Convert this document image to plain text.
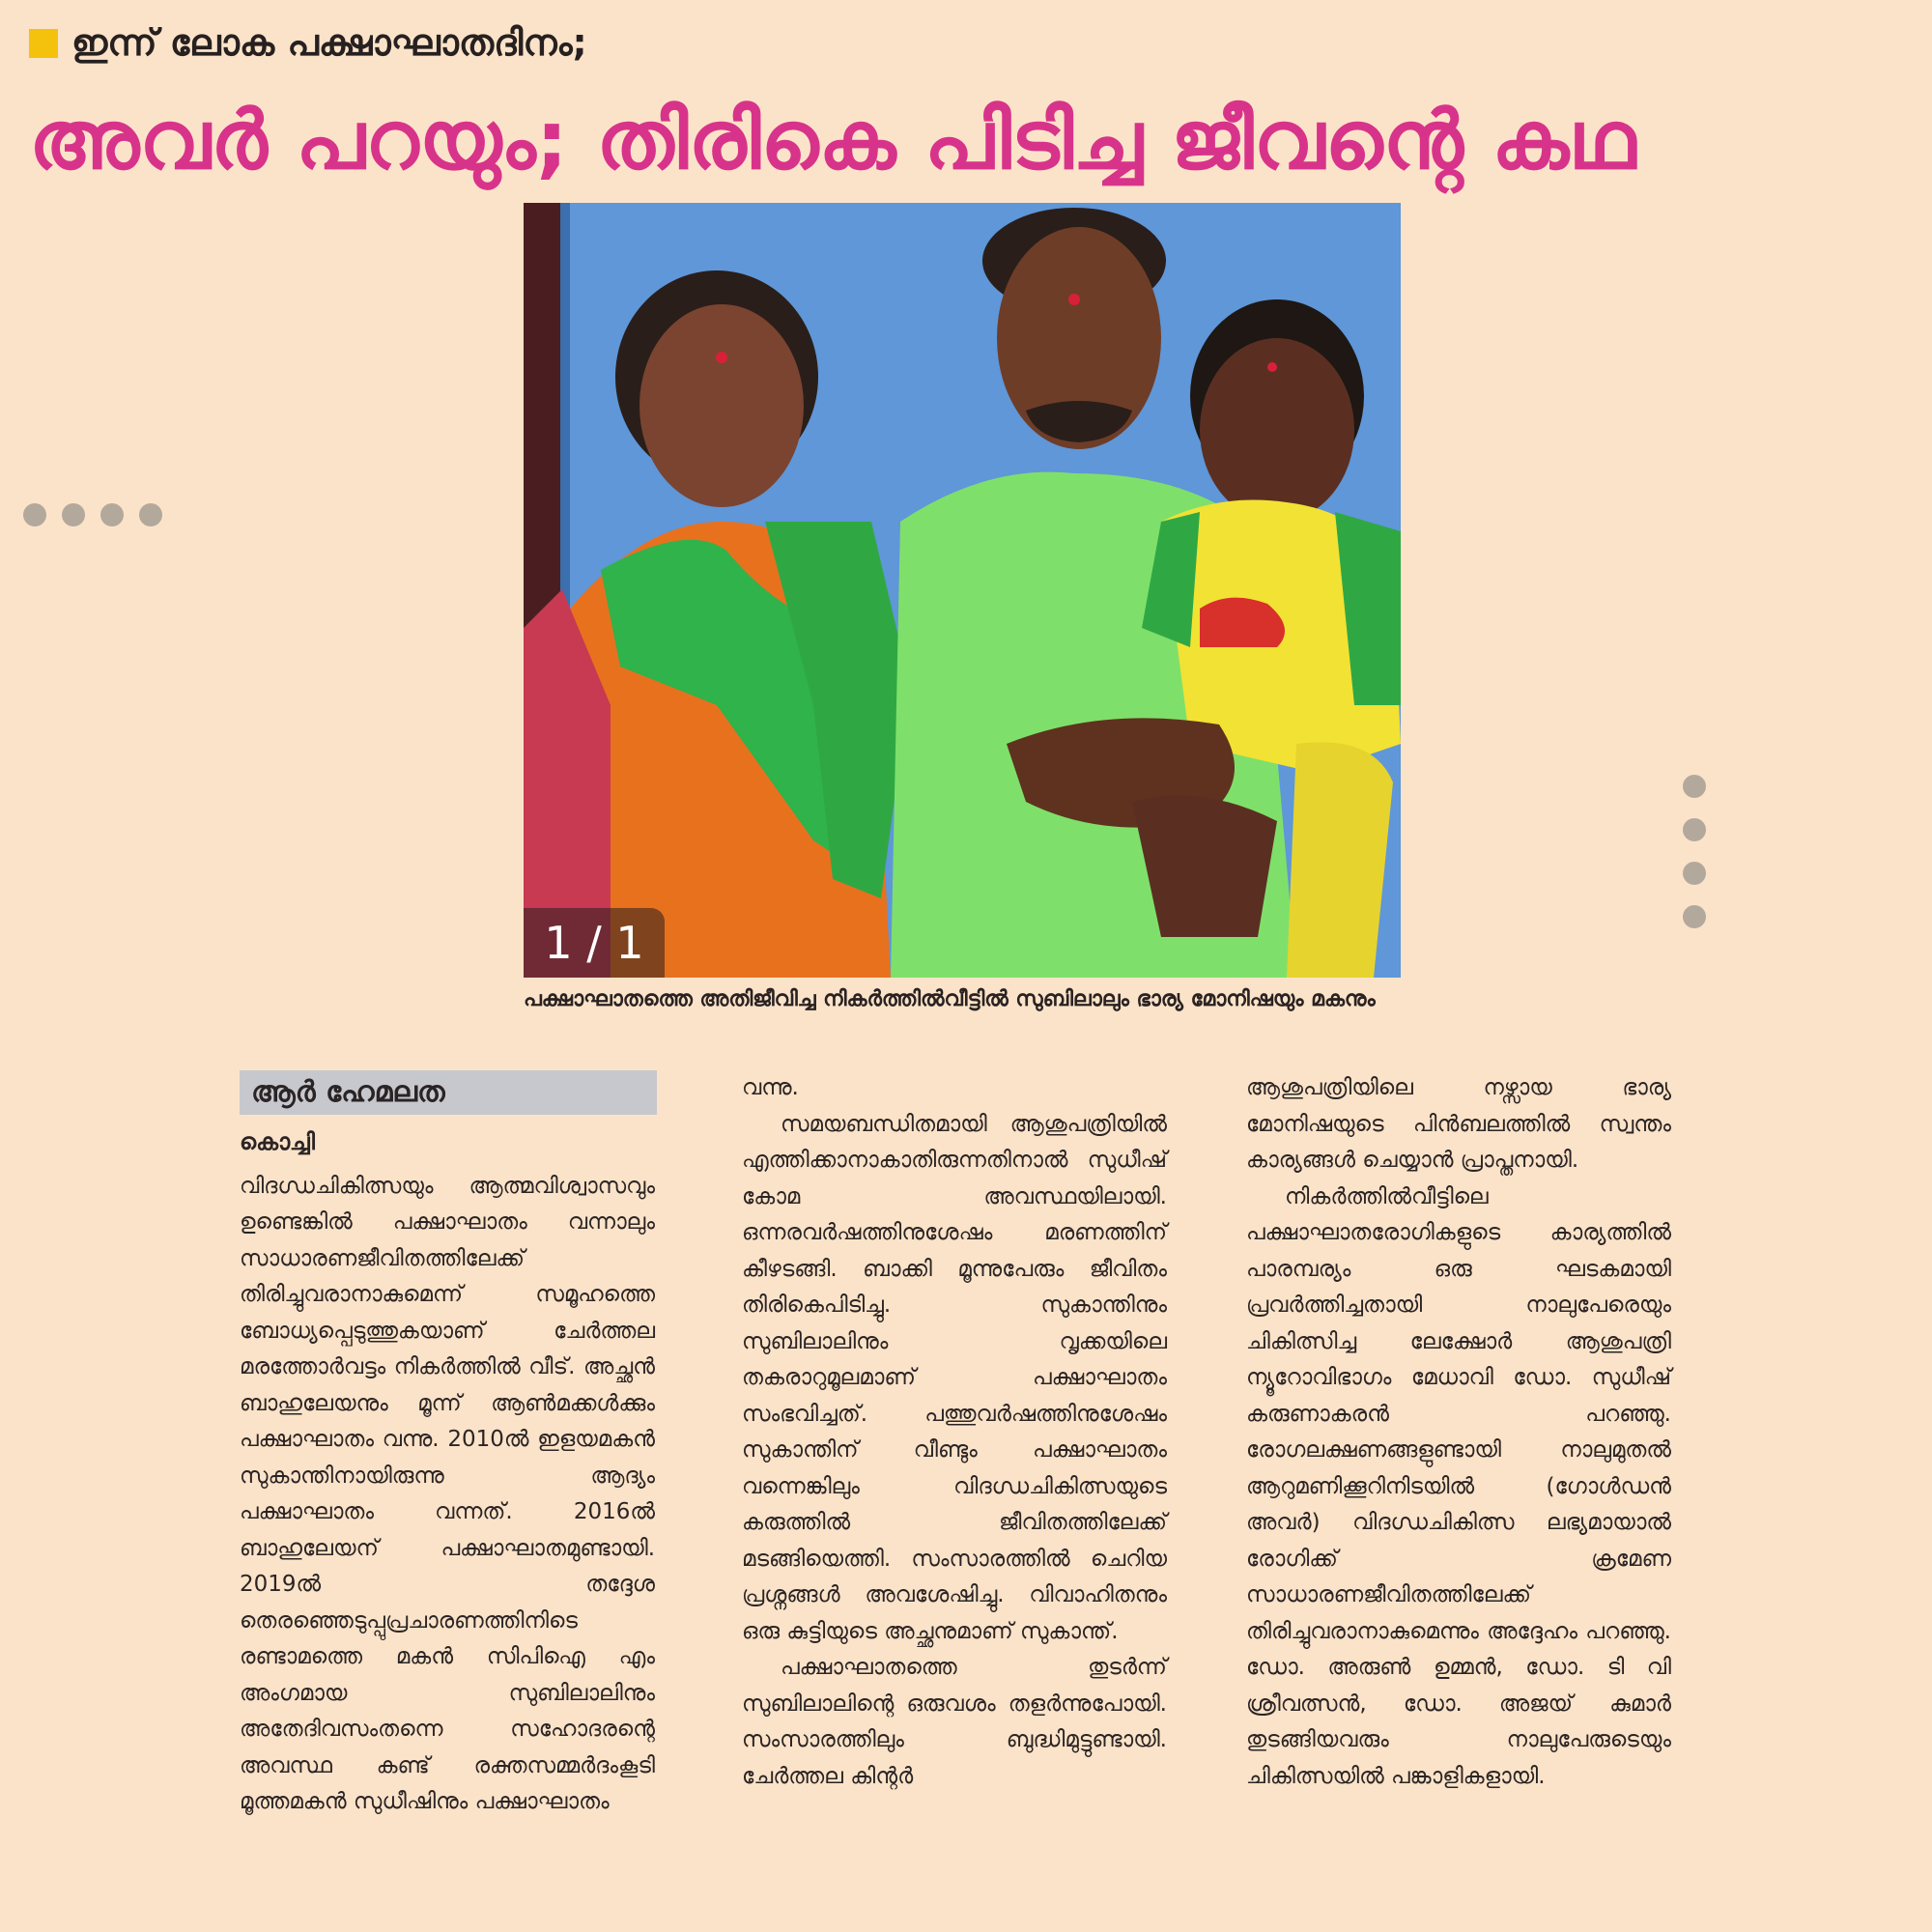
ഇന്ന് ലോക പക്ഷാഘാതദിനം;
അവർ പറയും; തിരികെ പിടിച്ച ജീവന്റെ കഥ
1 / 1
പക്ഷാഘാതത്തെ അതിജീവിച്ച നികർത്തിൽവീട്ടിൽ സുബിലാലും ഭാര്യ മോനിഷയും മകനും
ആർ ഹേമലത
കൊച്ചി

വിദഗ്ധചികിത്സയും ആത്മവിശ്വാസവും ഉണ്ടെങ്കിൽ പക്ഷാഘാതം വന്നാലും സാധാരണജീവിതത്തിലേക്ക് തിരിച്ചുവരാനാകുമെന്ന് സമൂഹത്തെ ബോധ്യപ്പെടുത്തുകയാണ് ചേർത്തല മരത്തോർവട്ടം നികർത്തിൽ വീട്. അച്ഛൻ ബാഹുലേയനും മൂന്ന് ആൺമക്കൾക്കും പക്ഷാഘാതം വന്നു. 2010ൽ ഇളയമകൻ സുകാന്തിനായിരുന്നു ആദ്യം പക്ഷാഘാതം വന്നത്. 2016ൽ ബാഹുലേയന് പക്ഷാഘാതമുണ്ടായി. 2019ൽ തദ്ദേശ തെരഞ്ഞെടുപ്പുപ്രചാരണത്തിനിടെ രണ്ടാമത്തെ മകൻ സിപിഐ എം അംഗമായ സുബിലാലിനും അതേദിവസംതന്നെ സഹോദരന്റെ അവസ്ഥ കണ്ട് രക്തസമ്മർദംകൂടി മൂത്തമകൻ സുധീഷിനും പക്ഷാഘാതം

വന്നു.

സമയബന്ധിതമായി ആശുപത്രിയിൽ എത്തിക്കാനാകാതിരുന്നതിനാൽ സുധീഷ് കോമ അവസ്ഥയിലായി. ഒന്നരവർഷത്തിനുശേഷം മരണത്തിന് കീഴടങ്ങി. ബാക്കി മൂന്നുപേരും ജീവിതം തിരികെപിടിച്ചു. സുകാന്തിനും സുബിലാലിനും വൃക്കയിലെ തകരാറുമൂലമാണ് പക്ഷാഘാതം സംഭവിച്ചത്. പത്തുവർഷത്തിനുശേഷം സുകാന്തിന് വീണ്ടും പക്ഷാഘാതം വന്നെങ്കിലും വിദഗ്ധചികിത്സയുടെ കരുത്തിൽ ജീവിതത്തിലേക്ക് മടങ്ങിയെത്തി. സംസാരത്തിൽ ചെറിയ പ്രശ്നങ്ങൾ അവശേഷിച്ചു. വിവാഹിതനും ഒരു കുട്ടിയുടെ അച്ഛനുമാണ് സുകാന്ത്.

പക്ഷാഘാതത്തെ തുടർന്ന് സുബിലാലിന്റെ ഒരുവശം തളർന്നുപോയി. സംസാരത്തിലും ബുദ്ധിമുട്ടുണ്ടായി. ചേർത്തല കിന്റർ

ആശുപത്രിയിലെ നഴ്സായ ഭാര്യ മോനിഷയുടെ പിൻബലത്തിൽ സ്വന്തം കാര്യങ്ങൾ ചെയ്യാൻ പ്രാപ്തനായി.

നികർത്തിൽവീട്ടിലെ പക്ഷാഘാതരോഗികളുടെ കാര്യത്തിൽ പാരമ്പര്യം ഒരു ഘടകമായി പ്രവർത്തിച്ചതായി നാലുപേരെയും ചികിത്സിച്ച ലേക്ഷോർ ആശുപത്രി ന്യൂറോവിഭാഗം മേധാവി ഡോ. സുധീഷ് കരുണാകരൻ പറഞ്ഞു. രോഗലക്ഷണങ്ങളുണ്ടായി നാലുമുതൽ ആറുമണിക്കൂറിനിടയിൽ (ഗോൾഡൻ അവർ) വിദഗ്ധചികിത്സ ലഭ്യമായാൽ രോഗിക്ക് ക്രമേണ സാധാരണജീവിതത്തിലേക്ക് തിരിച്ചുവരാനാകുമെന്നും അദ്ദേഹം പറഞ്ഞു. ഡോ. അരുൺ ഉമ്മൻ, ഡോ. ടി വി ശ്രീവത്സൻ, ഡോ. അജയ് കുമാർ തുടങ്ങിയവരും നാലുപേരുടെയും ചികിത്സയിൽ പങ്കാളികളായി.
